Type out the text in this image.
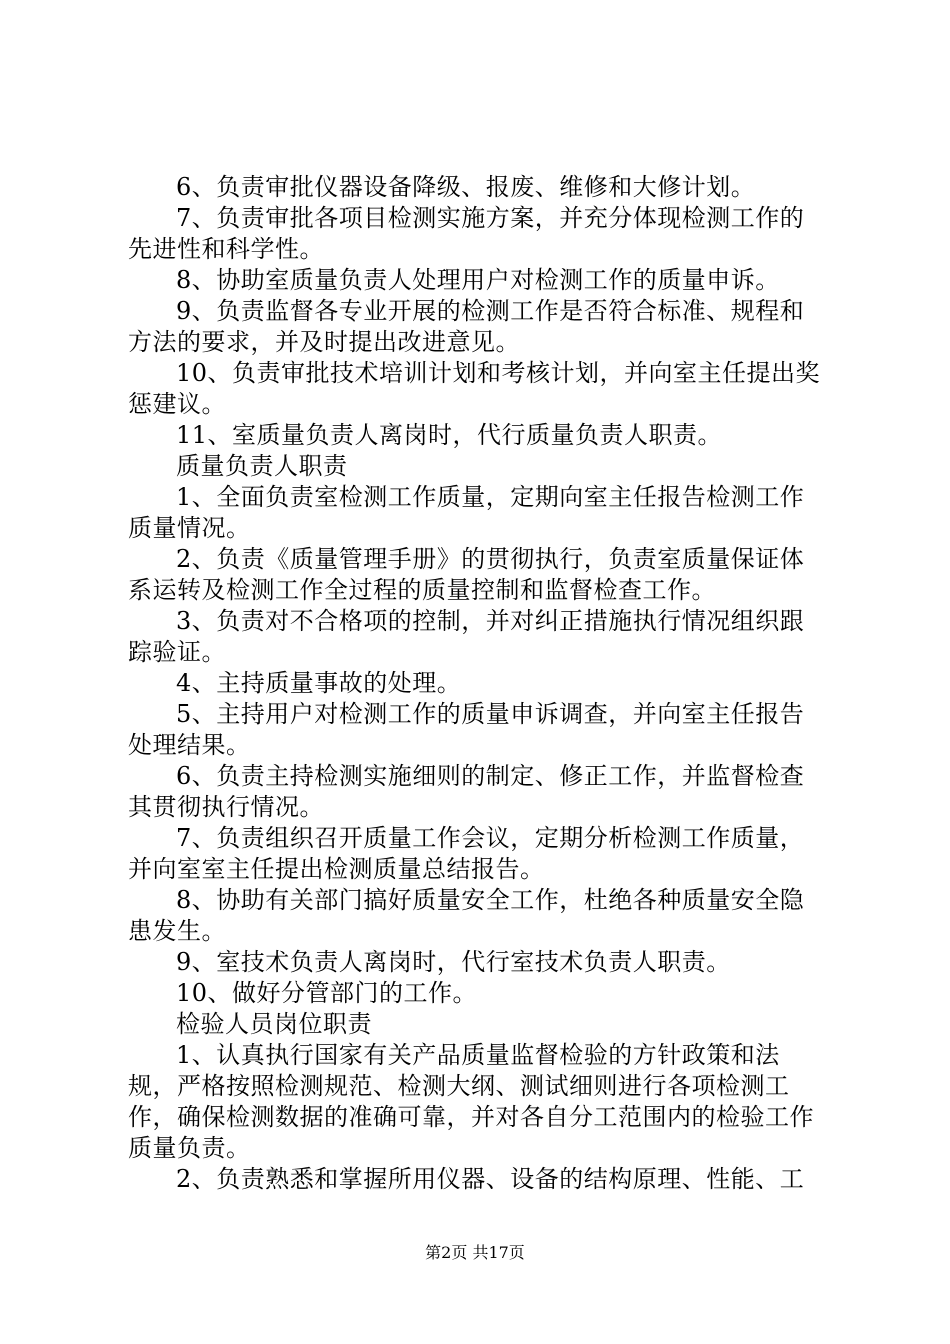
6、负责审批仪器设备降级、报废、维修和大修计划。

7、负责审批各项目检测实施方案，并充分体现检测工作的先进性和科学性。

8、协助室质量负责人处理用户对检测工作的质量申诉。

9、负责监督各专业开展的检测工作是否符合标准、规程和方法的要求，并及时提出改进意见。

10、负责审批技术培训计划和考核计划，并向室主任提出奖惩建议。

11、室质量负责人离岗时，代行质量负责人职责。

质量负责人职责

1、全面负责室检测工作质量，定期向室主任报告检测工作质量情况。

2、负责《质量管理手册》的贯彻执行，负责室质量保证体系运转及检测工作全过程的质量控制和监督检查工作。

3、负责对不合格项的控制，并对纠正措施执行情况组织跟踪验证。

4、主持质量事故的处理。

5、主持用户对检测工作的质量申诉调查，并向室主任报告处理结果。

6、负责主持检测实施细则的制定、修正工作，并监督检查其贯彻执行情况。

7、负责组织召开质量工作会议，定期分析检测工作质量，并向室室主任提出检测质量总结报告。

8、协助有关部门搞好质量安全工作，杜绝各种质量安全隐患发生。

9、室技术负责人离岗时，代行室技术负责人职责。

10、做好分管部门的工作。

检验人员岗位职责

1、认真执行国家有关产品质量监督检验的方针政策和法规，严格按照检测规范、检测大纲、测试细则进行各项检测工作，确保检测数据的准确可靠，并对各自分工范围内的检验工作质量负责。

2、负责熟悉和掌握所用仪器、设备的结构原理、性能、工

第2页 共17页
